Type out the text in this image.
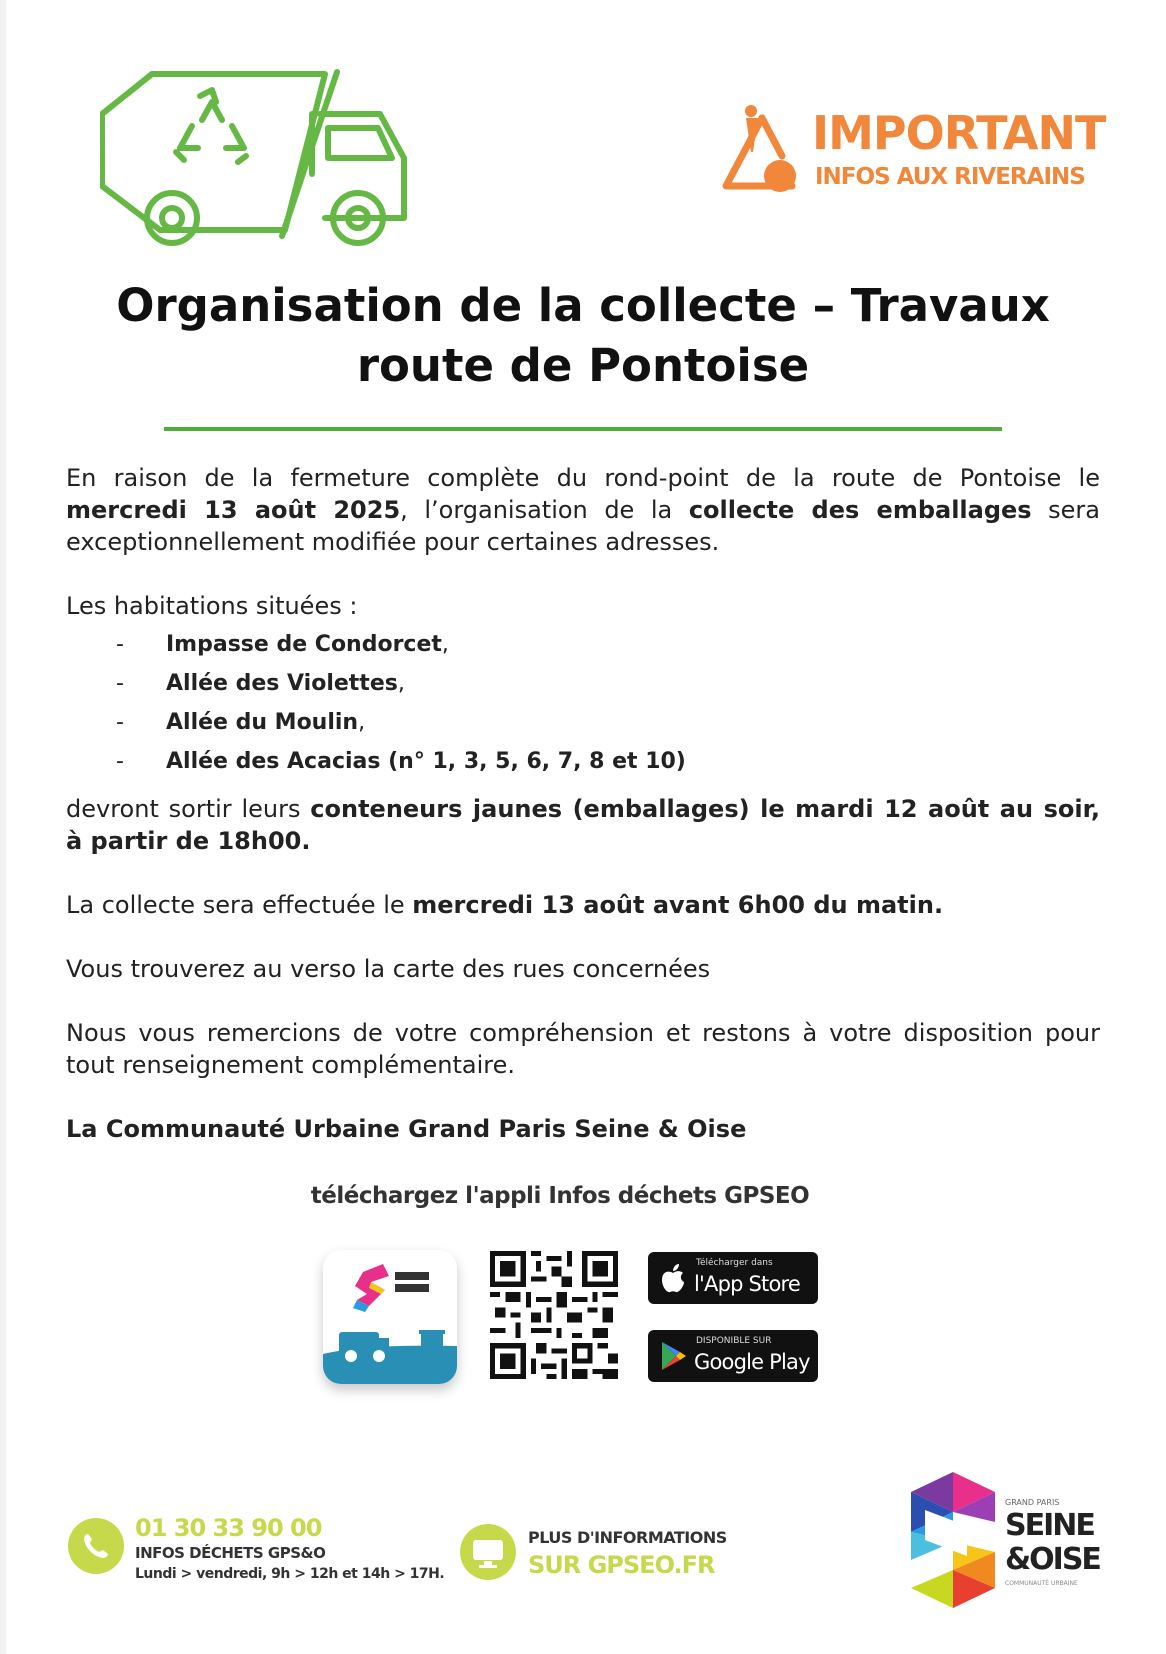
IMPORTANT
INFOS AUX RIVERAINS
Organisation de la collecte – Travaux route de Pontoise

En raison de la fermeture complète du rond-point de la route de Pontoise le mercredi 13 août 2025, l’organisation de la collecte des emballages sera exceptionnellement modifiée pour certaines adresses.

Les habitations situées :

- Impasse de Condorcet,
- Allée des Violettes,
- Allée du Moulin,
- Allée des Acacias (n° 1, 3, 5, 6, 7, 8 et 10)

devront sortir leurs conteneurs jaunes (emballages) le mardi 12 août au soir, à partir de 18h00.

La collecte sera effectuée le mercredi 13 août avant 6h00 du matin.

Vous trouverez au verso la carte des rues concernées

Nous vous remercions de votre compréhension et restons à votre disposition pour tout renseignement complémentaire.

La Communauté Urbaine Grand Paris Seine & Oise

téléchargez l'appli Infos déchets GPSEO
Télécharger dans
l'App Store
DISPONIBLE SUR
Google Play
01 30 33 90 00
INFOS DÉCHETS GPS&O
Lundi > vendredi, 9h > 12h et 14h > 17H.
PLUS D'INFORMATIONS
SUR GPSEO.FR
GRAND PARIS
SEINE
&OISE
COMMUNAUTÉ URBAINE
